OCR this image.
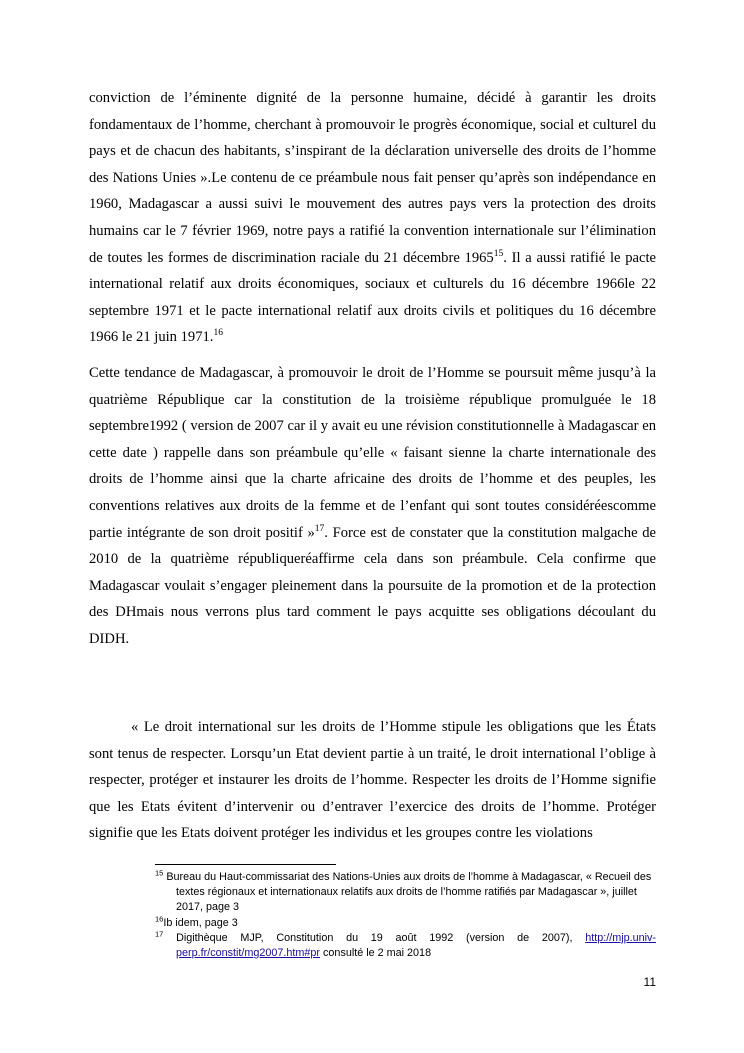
conviction de l’éminente dignité de la personne humaine, décidé à garantir les droits fondamentaux de l’homme, cherchant à promouvoir le progrès économique, social et culturel du pays et de chacun des habitants, s’inspirant de la déclaration universelle des droits de l’homme des Nations Unies ».Le contenu de ce préambule nous fait penser qu’après son indépendance en 1960, Madagascar a aussi suivi le mouvement des autres pays vers la protection des droits humains car le 7 février 1969, notre pays a ratifié la convention internationale sur l’élimination de toutes les formes de discrimination raciale du 21 décembre 1965$^{15}$. Il a aussi ratifié le pacte international relatif aux droits économiques, sociaux et culturels du 16 décembre 1966le 22 septembre 1971 et le pacte international relatif aux droits civils et politiques du 16 décembre 1966 le 21 juin 1971.16

Cette tendance de Madagascar, à promouvoir le droit de l’Homme se poursuit même jusqu’à la quatrième République car la constitution de la troisième république promulguée le 18 septembre1992 ( version de 2007 car il y avait eu une révision constitutionnelle à Madagascar en cette date ) rappelle dans son préambule qu’elle « faisant sienne la charte internationale des droits de l’homme ainsi que la charte africaine des droits de l’homme et des peuples, les conventions relatives aux droits de la femme et de l’enfant qui sont toutes considéréescomme partie intégrante de son droit positif »$^{17}$. Force est de constater que la constitution malgache de 2010 de la quatrième républiqueréaffirme cela dans son préambule. Cela confirme que Madagascar voulait s’engager pleinement dans la poursuite de la promotion et de la protection des DHmais nous verrons plus tard comment le pays acquitte ses obligations découlant du DIDH.

« Le droit international sur les droits de l’Homme stipule les obligations que les États sont tenus de respecter. Lorsqu’un Etat devient partie à un traité, le droit international l’oblige à respecter, protéger et instaurer les droits de l’homme. Respecter les droits de l’Homme signifie que les Etats évitent d’intervenir ou d’entraver l’exercice des droits de l’homme. Protéger signifie que les Etats doivent protéger les individus et les groupes contre les violations

$^{15}$ Bureau du Haut-commissariat des Nations-Unies aux droits de l’homme à Madagascar, « Recueil des textes régionaux et internationaux relatifs aux droits de l’homme ratifiés par Madagascar », juillet 2017, page 3

$^{16}$Ib idem, page 3

$^{17}$ Digithèque MJP, Constitution du 19 août 1992 (version de 2007), http://mjp.univ-perp.fr/constit/mg2007.htm#pr consulté le 2 mai 2018

11
